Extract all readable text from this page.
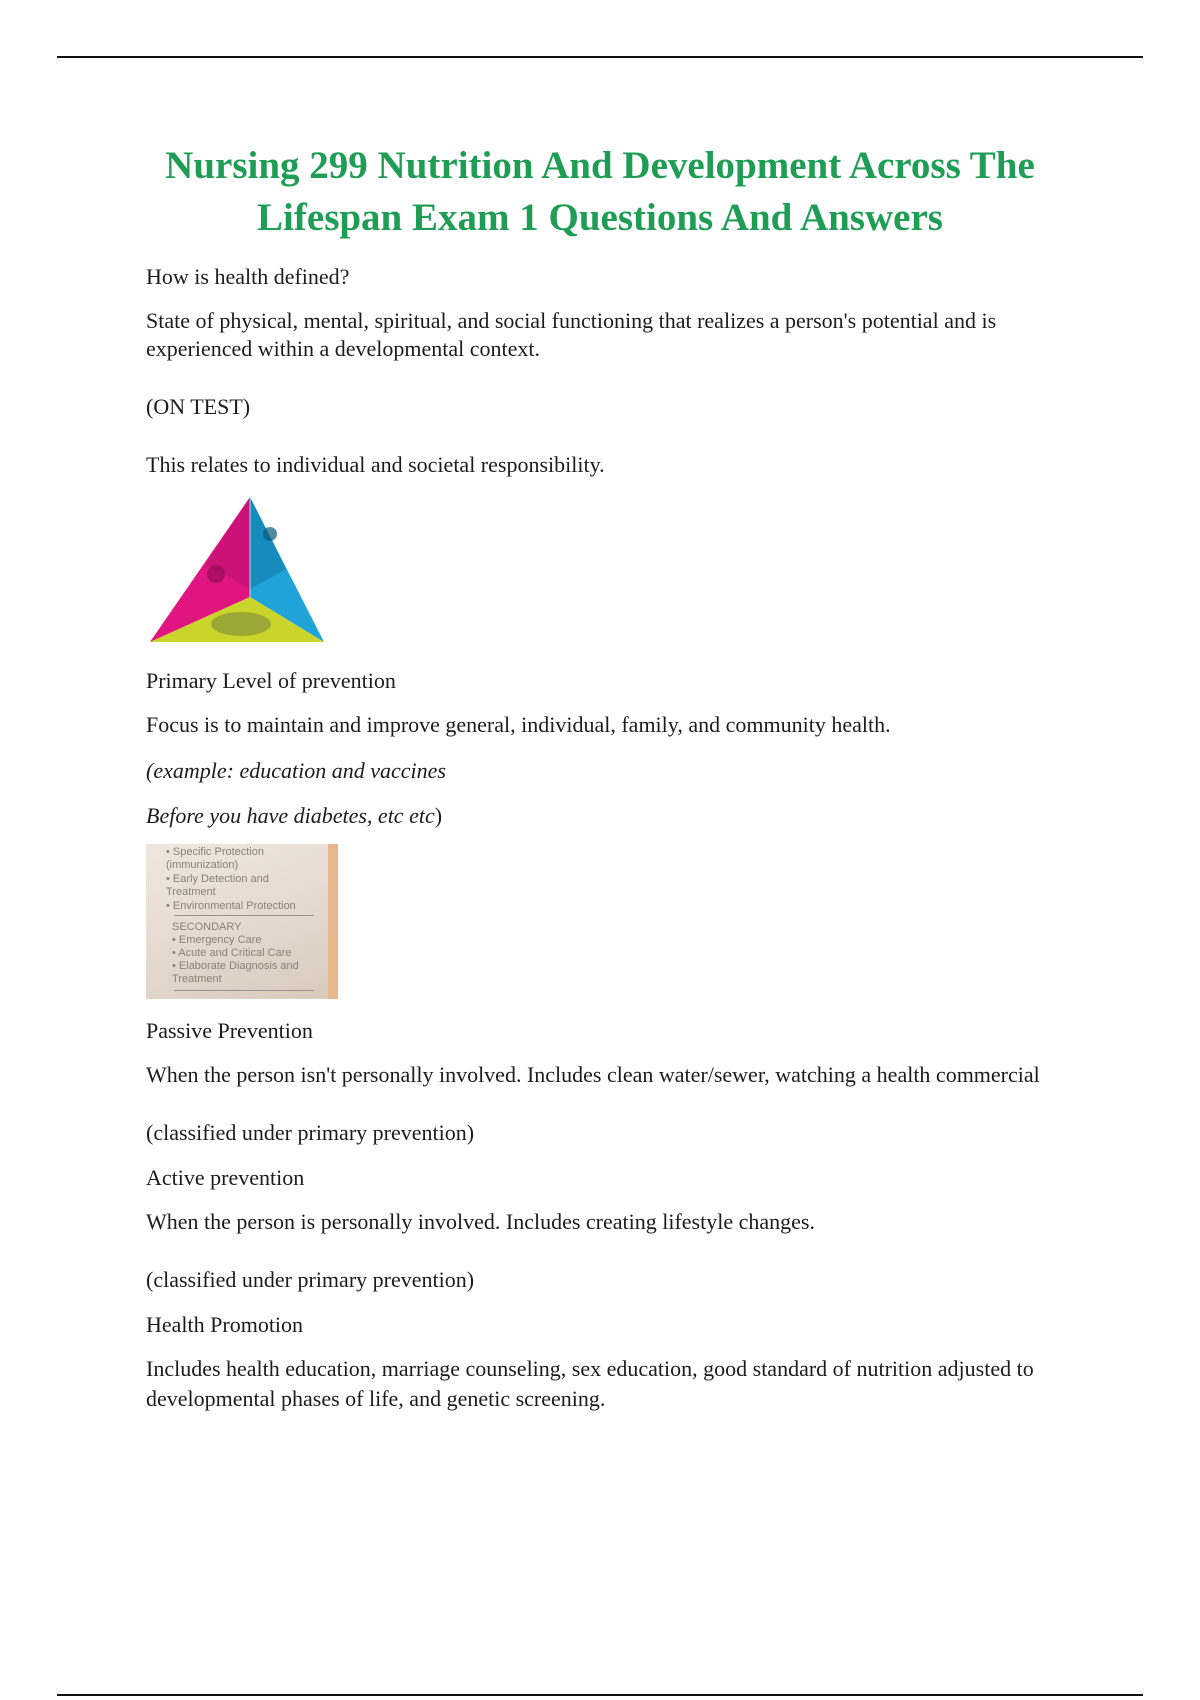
Nursing 299 Nutrition And Development Across The
Lifespan Exam 1 Questions And Answers
How is health defined?
State of physical, mental, spiritual, and social functioning that realizes a person's potential and is
experienced within a developmental context.
(ON TEST)
This relates to individual and societal responsibility.
Primary Level of prevention
Focus is to maintain and improve general, individual, family, and community health.
(example: education and vaccines
Before you have diabetes, etc etc)
• Specific Protection
(immunization)
• Early Detection and
Treatment
• Environmental Protection
SECONDARY
• Emergency Care
• Acute and Critical Care
• Elaborate Diagnosis and
Treatment
Passive Prevention
When the person isn't personally involved. Includes clean water/sewer, watching a health commercial
(classified under primary prevention)
Active prevention
When the person is personally involved. Includes creating lifestyle changes.
(classified under primary prevention)
Health Promotion
Includes health education, marriage counseling, sex education, good standard of nutrition adjusted to
developmental phases of life, and genetic screening.
